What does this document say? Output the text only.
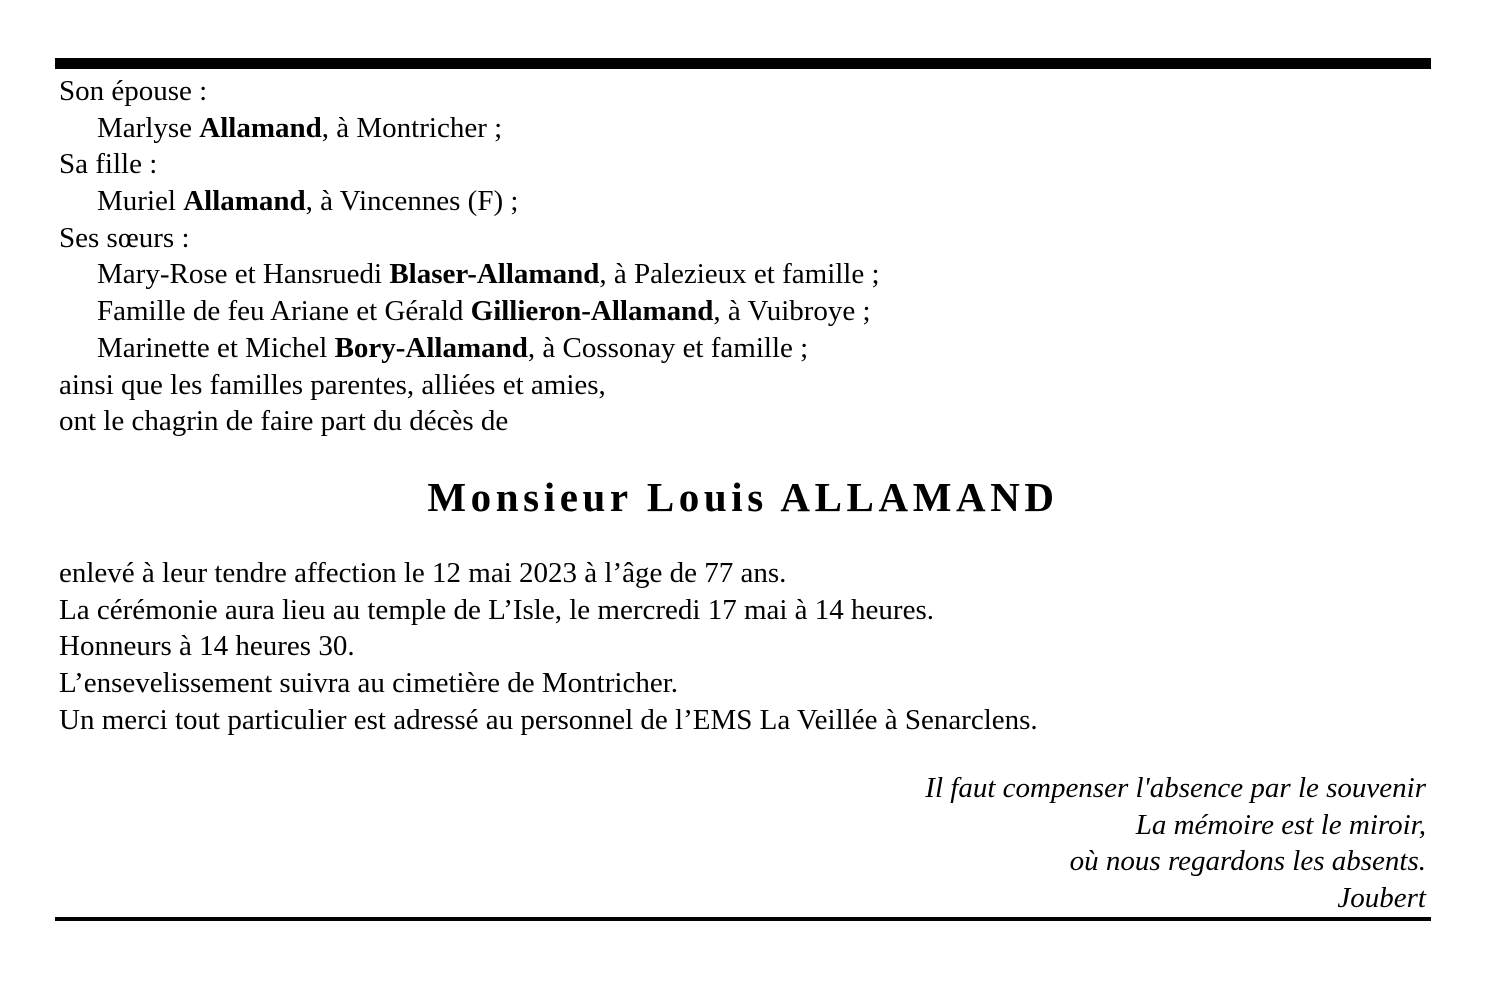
Son épouse :
Marlyse Allamand, à Montricher ;
Sa fille :
Muriel Allamand, à Vincennes (F) ;
Ses sœurs :
Mary-Rose et Hansruedi Blaser-Allamand, à Palezieux et famille ;
Famille de feu Ariane et Gérald Gillieron-Allamand, à Vuibroye ;
Marinette et Michel Bory-Allamand, à Cossonay et famille ;
ainsi que les familles parentes, alliées et amies,
ont le chagrin de faire part du décès de
Monsieur Louis ALLAMAND
enlevé à leur tendre affection le 12 mai 2023 à l’âge de 77 ans.
La cérémonie aura lieu au temple de L’Isle, le mercredi 17 mai à 14 heures.
Honneurs à 14 heures 30.
L’ensevelissement suivra au cimetière de Montricher.
Un merci tout particulier est adressé au personnel de l’EMS La Veillée à Senarclens.
Il faut compenser l'absence par le souvenir
La mémoire est le miroir,
où nous regardons les absents.
Joubert
